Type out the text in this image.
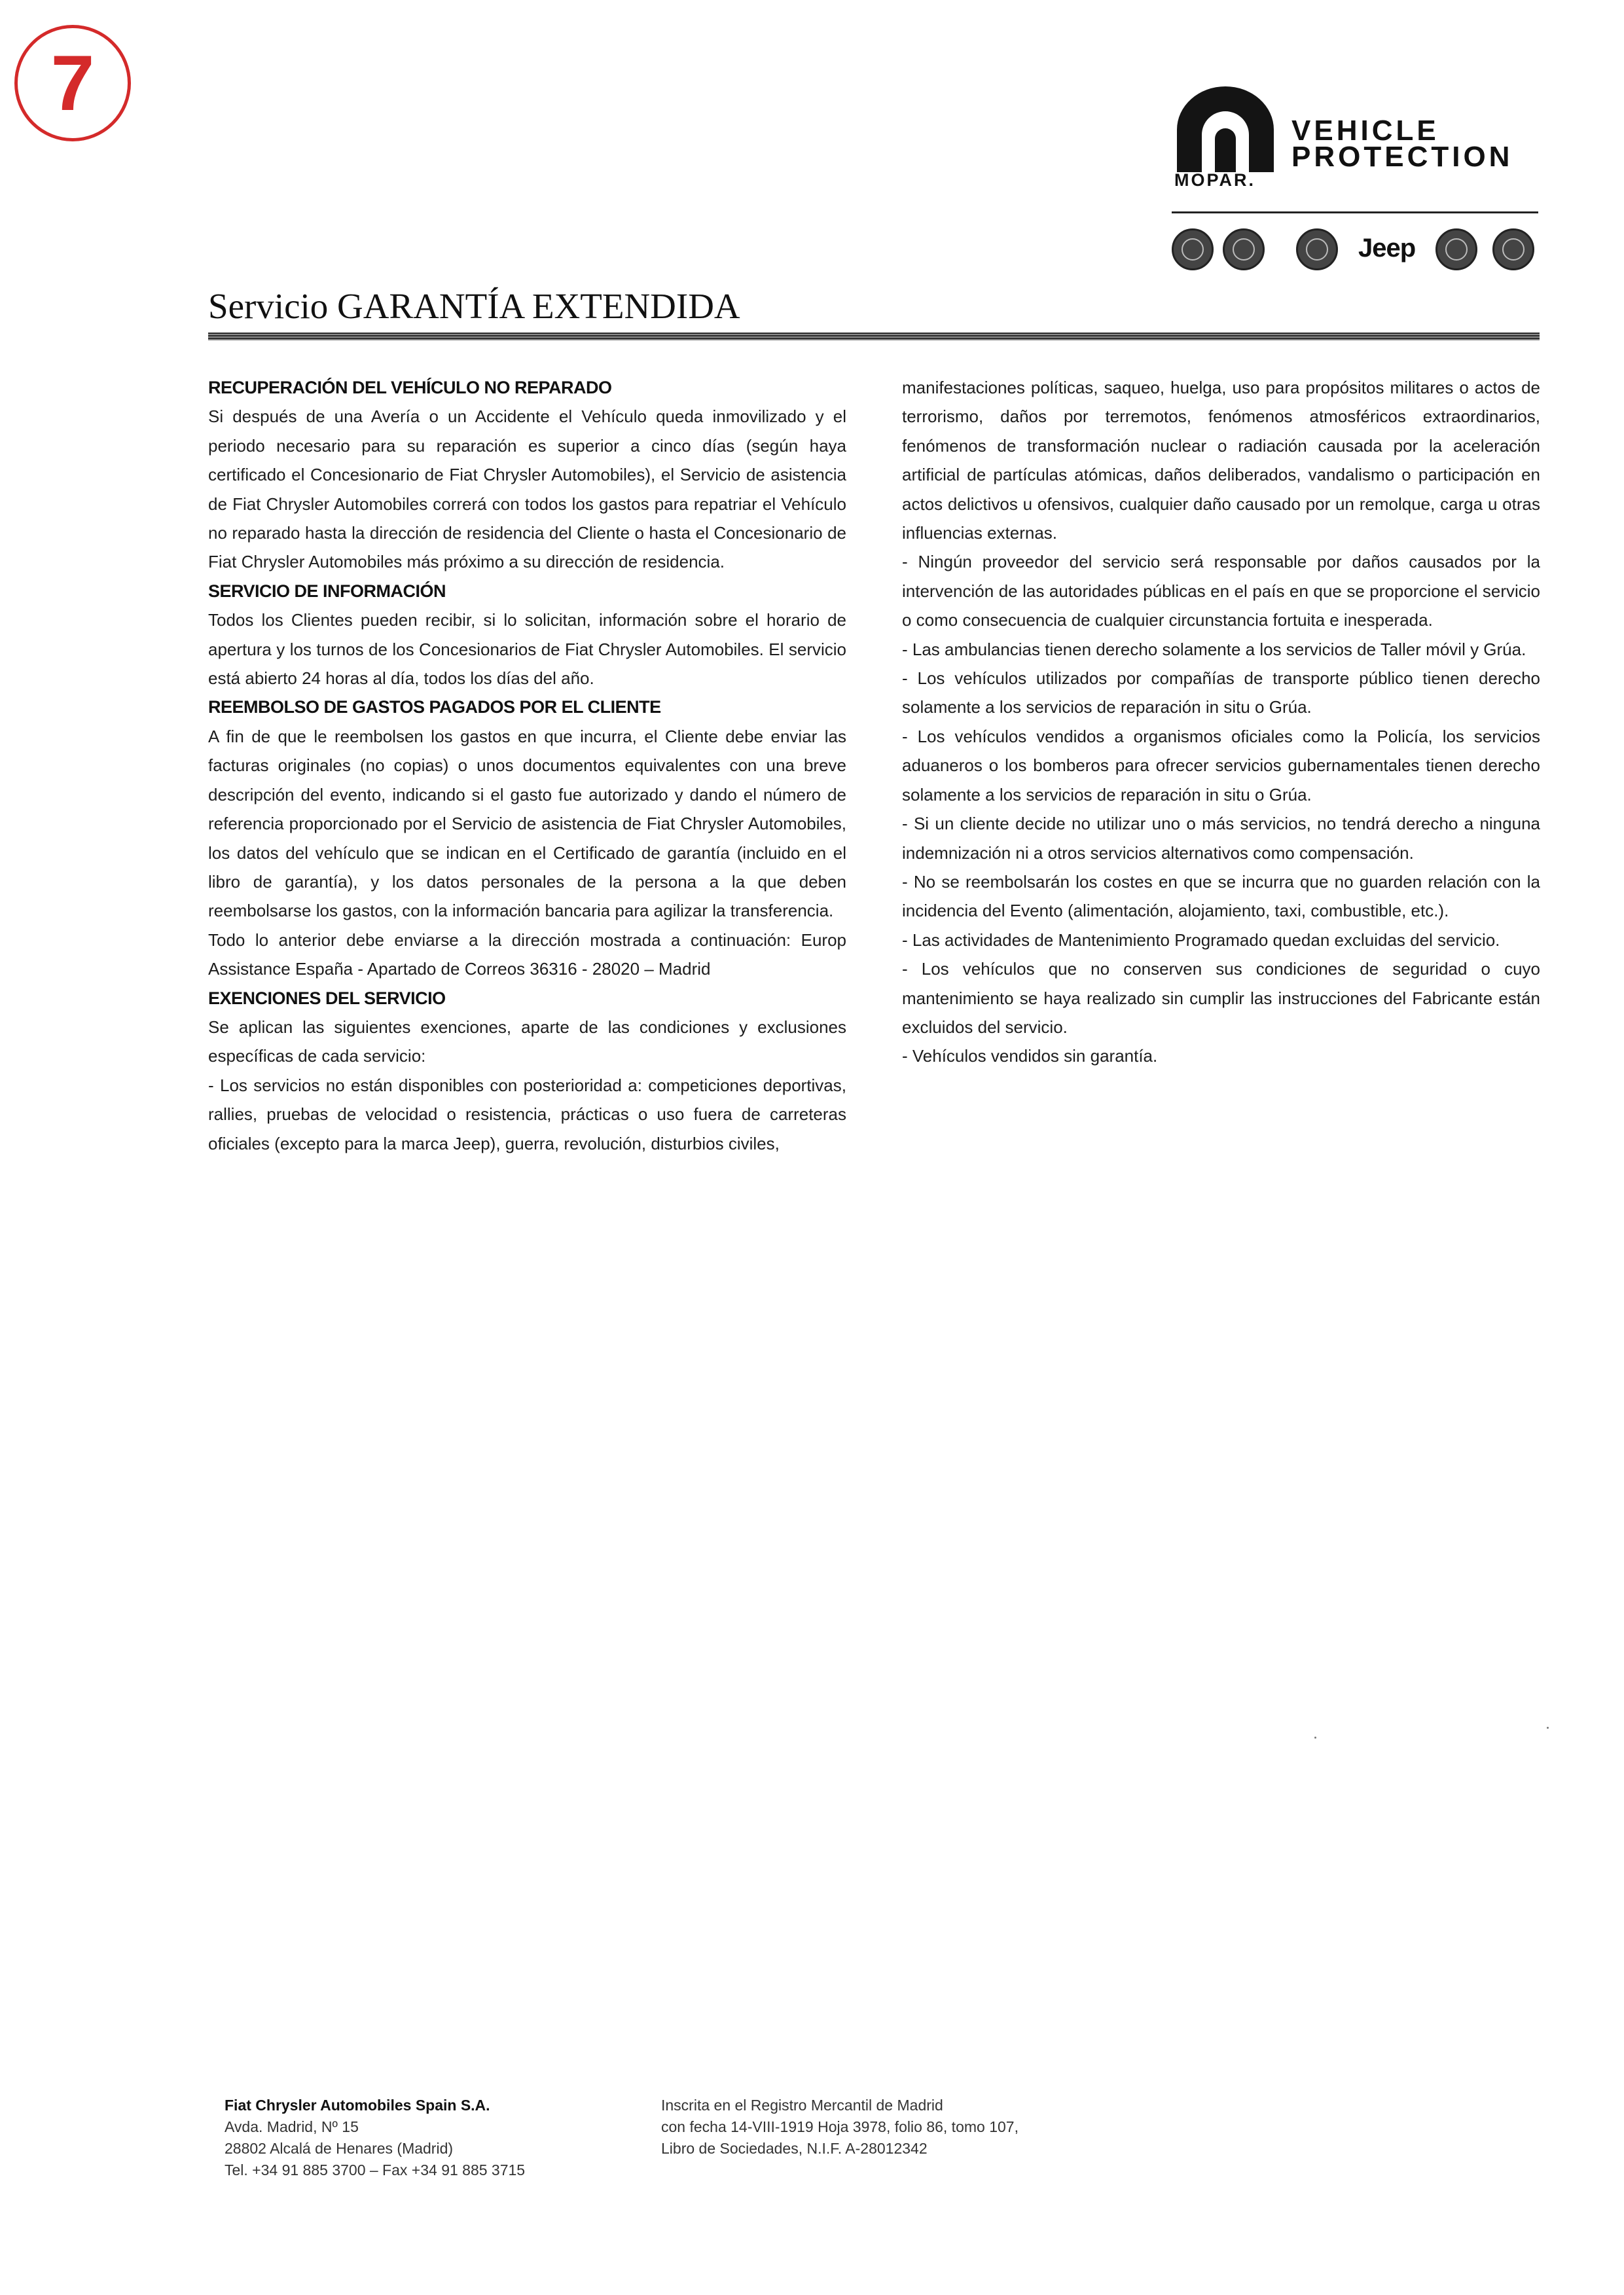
7
MOPAR.
VEHICLE
PROTECTION
Jeep
Servicio GARANTÍA EXTENDIDA
RECUPERACIÓN DEL VEHÍCULO NO REPARADO

Si después de una Avería o un Accidente el Vehículo queda inmovilizado y el periodo necesario para su reparación es superior a cinco días (según haya certificado el Concesionario de Fiat Chrysler Automobiles), el Servicio de asistencia de Fiat Chrysler Automobiles correrá con todos los gastos para repatriar el Vehículo no reparado hasta la dirección de residencia del Cliente o hasta el Concesionario de Fiat Chrysler Automobiles más próximo a su dirección de residencia.

SERVICIO DE INFORMACIÓN

Todos los Clientes pueden recibir, si lo solicitan, información sobre el horario de apertura y los turnos de los Concesionarios de Fiat Chrysler Automobiles. El servicio está abierto 24 horas al día, todos los días del año.

REEMBOLSO DE GASTOS PAGADOS POR EL CLIENTE

A fin de que le reembolsen los gastos en que incurra, el Cliente debe enviar las facturas originales (no copias) o unos documentos equivalentes con una breve descripción del evento, indicando si el gasto fue autorizado y dando el número de referencia proporcionado por el Servicio de asistencia de Fiat Chrysler Automobiles, los datos del vehículo que se indican en el Certificado de garantía (incluido en el libro de garantía), y los datos personales de la persona a la que deben reembolsarse los gastos, con la información bancaria para agilizar la transferencia.

Todo lo anterior debe enviarse a la dirección mostrada a continuación: Europ Assistance España - Apartado de Correos 36316 - 28020 – Madrid

EXENCIONES DEL SERVICIO

Se aplican las siguientes exenciones, aparte de las condiciones y exclusiones específicas de cada servicio:

- Los servicios no están disponibles con posterioridad a: competiciones deportivas, rallies, pruebas de velocidad o resistencia, prácticas o uso fuera de carreteras oficiales (excepto para la marca Jeep), guerra, revolución, disturbios civiles,

manifestaciones políticas, saqueo, huelga, uso para propósitos militares o actos de terrorismo, daños por terremotos, fenómenos atmosféricos extraordinarios, fenómenos de transformación nuclear o radiación causada por la aceleración artificial de partículas atómicas, daños deliberados, vandalismo o participación en actos delictivos u ofensivos, cualquier daño causado por un remolque, carga u otras influencias externas.

- Ningún proveedor del servicio será responsable por daños causados por la intervención de las autoridades públicas en el país en que se proporcione el servicio o como consecuencia de cualquier circunstancia fortuita e inesperada.

- Las ambulancias tienen derecho solamente a los servicios de Taller móvil y Grúa.

- Los vehículos utilizados por compañías de transporte público tienen derecho solamente a los servicios de reparación in situ o Grúa.

- Los vehículos vendidos a organismos oficiales como la Policía, los servicios aduaneros o los bomberos para ofrecer servicios gubernamentales tienen derecho solamente a los servicios de reparación in situ o Grúa.

- Si un cliente decide no utilizar uno o más servicios, no tendrá derecho a ninguna indemnización ni a otros servicios alternativos como compensación.

- No se reembolsarán los costes en que se incurra que no guarden relación con la incidencia del Evento (alimentación, alojamiento, taxi, combustible, etc.).

- Las actividades de Mantenimiento Programado quedan excluidas del servicio.

- Los vehículos que no conserven sus condiciones de seguridad o cuyo mantenimiento se haya realizado sin cumplir las instrucciones del Fabricante están excluidos del servicio.

- Vehículos vendidos sin garantía.

Fiat Chrysler Automobiles Spain S.A.
Avda. Madrid, Nº 15
28802 Alcalá de Henares (Madrid)
Tel. +34 91 885 3700 – Fax +34 91 885 3715
Inscrita en el Registro Mercantil de Madrid
con fecha 14-VIII-1919 Hoja 3978, folio 86, tomo 107,
Libro de Sociedades, N.I.F. A-28012342
